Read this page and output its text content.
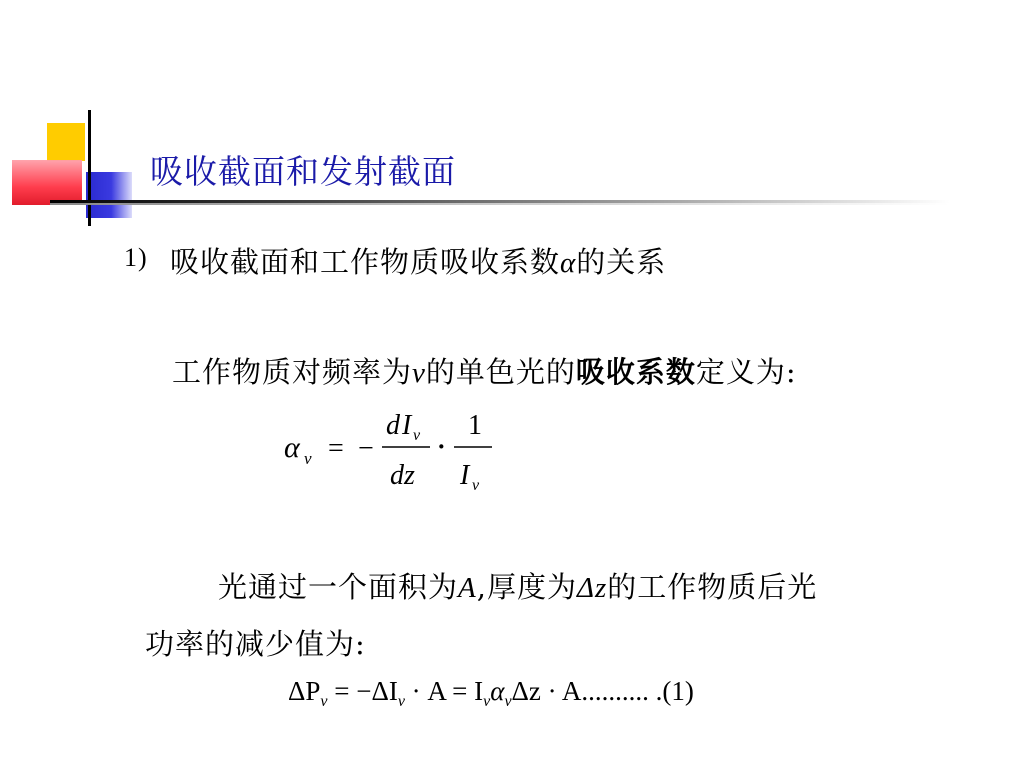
吸收截面和发射截面
1) 吸收截面和工作物质吸收系数α的关系
工作物质对频率为ν的单色光的吸收系数定义为:
α ν = −
d I ν
dz
·
1
I ν
光通过一个面积为A,厚度为Δz的工作物质后光
功率的减少值为:
$\Delta P_\nu = -\Delta I_\nu \cdot A = I_\nu\alpha_\nu\Delta z \cdot A$.......... .(1)
